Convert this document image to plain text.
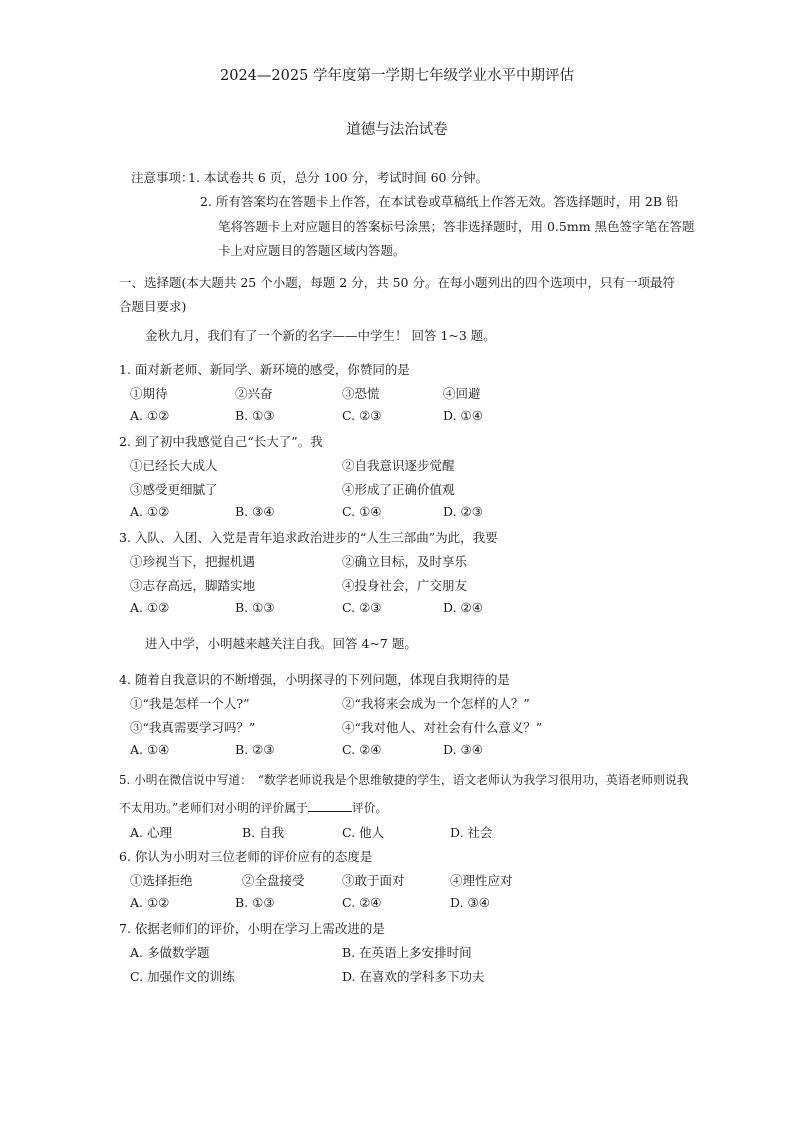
2024—2025 学年度第一学期七年级学业水平中期评估
道德与法治试卷
注意事项：
1. 本试卷共 6 页，总分 100 分，考试时间 60 分钟。
2. 所有答案均在答题卡上作答，在本试卷或草稿纸上作答无效。答选择题时，用 2B 铅
笔将答题卡上对应题目的答案标号涂黑；答非选择题时，用 0.5mm 黑色签字笔在答题
卡上对应题目的答题区域内答题。
一、选择题(本大题共 25 个小题，每题 2 分，共 50 分。在每小题列出的四个选项中，只有一项最符
合题目要求)
金秋九月，我们有了一个新的名字——中学生！ 回答 1~3 题。
1. 面对新老师、新同学、新环境的感受，你赞同的是
①期待	②兴奋	③恐慌	④回避
A. ①②	B. ①③	C. ②③	D. ①④
2. 到了初中我感觉自己“长大了”。我
①已经长大成人	②自我意识逐步觉醒
③感受更细腻了	④形成了正确价值观
A. ①②	B. ③④	C. ①④	D. ②③
3. 入队、入团、入党是青年追求政治进步的“人生三部曲”为此，我要
①珍视当下，把握机遇	②确立目标，及时享乐
③志存高远，脚踏实地	④投身社会，广交朋友
A. ①②	B. ①③	C. ②③	D. ②④
进入中学，小明越来越关注自我。回答 4~7 题。
4. 随着自我意识的不断增强，小明探寻的下列问题，体现自我期待的是
①“我是怎样一个人?”	②“我将来会成为一个怎样的人？”
③“我真需要学习吗？”	④“我对他人、对社会有什么意义？”
A. ①④	B. ②③	C. ②④	D. ③④
5. 小明在微信说中写道：　“数学老师说我是个思维敏捷的学生，语文老师认为我学习很用功，英语老师则说我
不太用功。”老师们对小明的评价属于	评价。
A. 心理	B. 自我	C. 他人	D. 社会
6. 你认为小明对三位老师的评价应有的态度是
①选择拒绝	②全盘接受	③敢于面对	④理性应对
A. ①②	B. ①③	C. ②④	D. ③④
7. 依据老师们的评价，小明在学习上需改进的是
A. 多做数学题	B. 在英语上多安排时间
C. 加强作文的训练	D. 在喜欢的学科多下功夫
